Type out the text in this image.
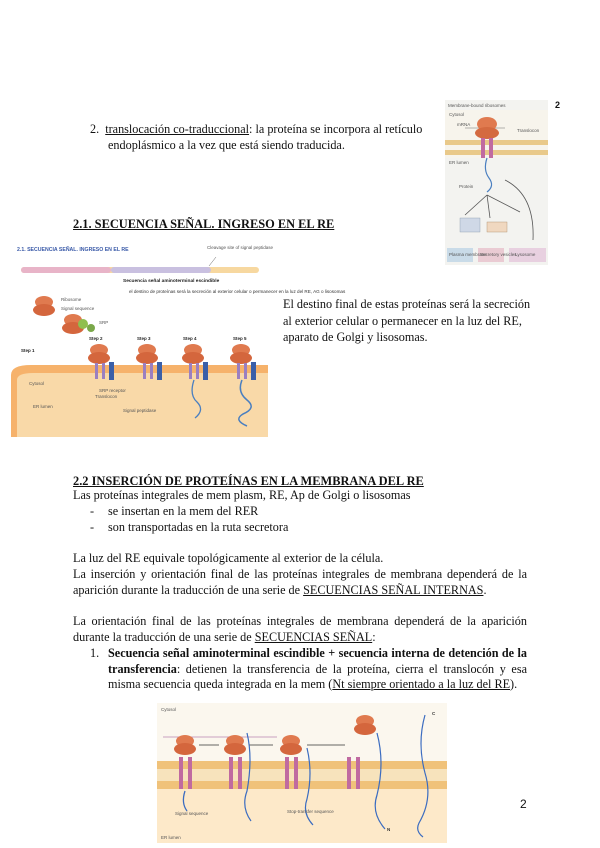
2
Membrane-bound ribosomes
Cytosol
mRNA
Translocon
ER lumen
Protein
Plasma membrane
Secretory vesicles
Lysosome
2. translocación co-traduccional: la proteína se incorpora al retículo
endoplásmico a la vez que está siendo traducida.
2.1. SECUENCIA SEÑAL. INGRESO EN EL RE
2.1. SECUENCIA SEÑAL. INGRESO EN EL RE	Cleavage site of signal peptidase
Secuencia señal aminoterminal escindible
el destino de proteínas será la secreción al exterior celular o permanecer en la luz del RE, AG o lisosomas
Ribosome
Signal sequence
SRP
Step 1
Step 2	Step 3	Step 4	Step 5
SRP receptor
Translocon
Signal peptidase
Cytosol
ER lumen
El destino final de estas proteínas será la secreción al exterior celular o permanecer en la luz del RE, aparato de Golgi y lisosomas.
2.2 INSERCIÓN DE PROTEÍNAS EN LA MEMBRANA DEL RE
Las proteínas integrales de mem plasm, RE, Ap de Golgi o lisosomas
- se insertan en la mem del RER
- son transportadas en la ruta secretora
La luz del RE equivale topológicamente al exterior de la célula.
La inserción y orientación final de las proteínas integrales de membrana dependerá de la aparición durante la traducción de una serie de SECUENCIAS SEÑAL INTERNAS.
La orientación final de las proteínas integrales de membrana dependerá de la aparición durante la traducción de una serie de SECUENCIAS SEÑAL:
1. Secuencia señal aminoterminal escindible + secuencia interna de detención de la transferencia: detienen la transferencia de la proteína, cierra el translocón y esa misma secuencia queda integrada en la mem (Nt siempre orientado a la luz del RE).
Cytosol
C
Signal sequence	Stop-transfer sequence
N
ER lumen
2
